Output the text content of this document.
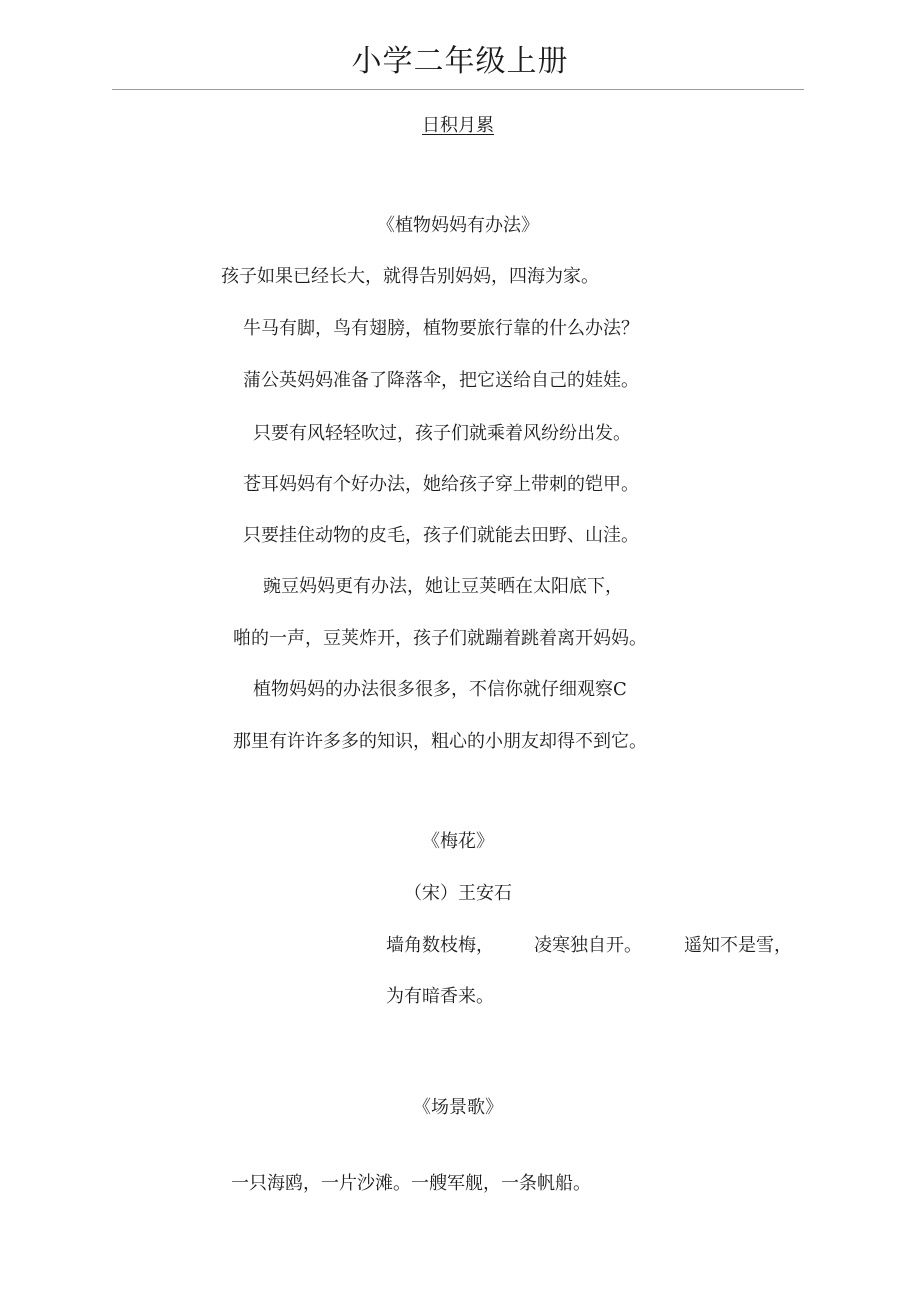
小学二年级上册
日积月累
《植物妈妈有办法》
孩子如果已经长大，就得告别妈妈，四海为家。
牛马有脚，鸟有翅膀，植物要旅行靠的什么办法？
蒲公英妈妈准备了降落伞，把它送给自己的娃娃。
只要有风轻轻吹过，孩子们就乘着风纷纷出发。
苍耳妈妈有个好办法，她给孩子穿上带刺的铠甲。
只要挂住动物的皮毛，孩子们就能去田野、山洼。
豌豆妈妈更有办法，她让豆荚晒在太阳底下，
啪的一声，豆荚炸开，孩子们就蹦着跳着离开妈妈。
植物妈妈的办法很多很多，不信你就仔细观察C
那里有许许多多的知识，粗心的小朋友却得不到它。
《梅花》
（宋）王安石
墙角数枝梅， 凌寒独自开。 遥知不是雪，
为有暗香来。
《场景歌》
一只海鸥，一片沙滩。一艘军舰，一条帆船。
